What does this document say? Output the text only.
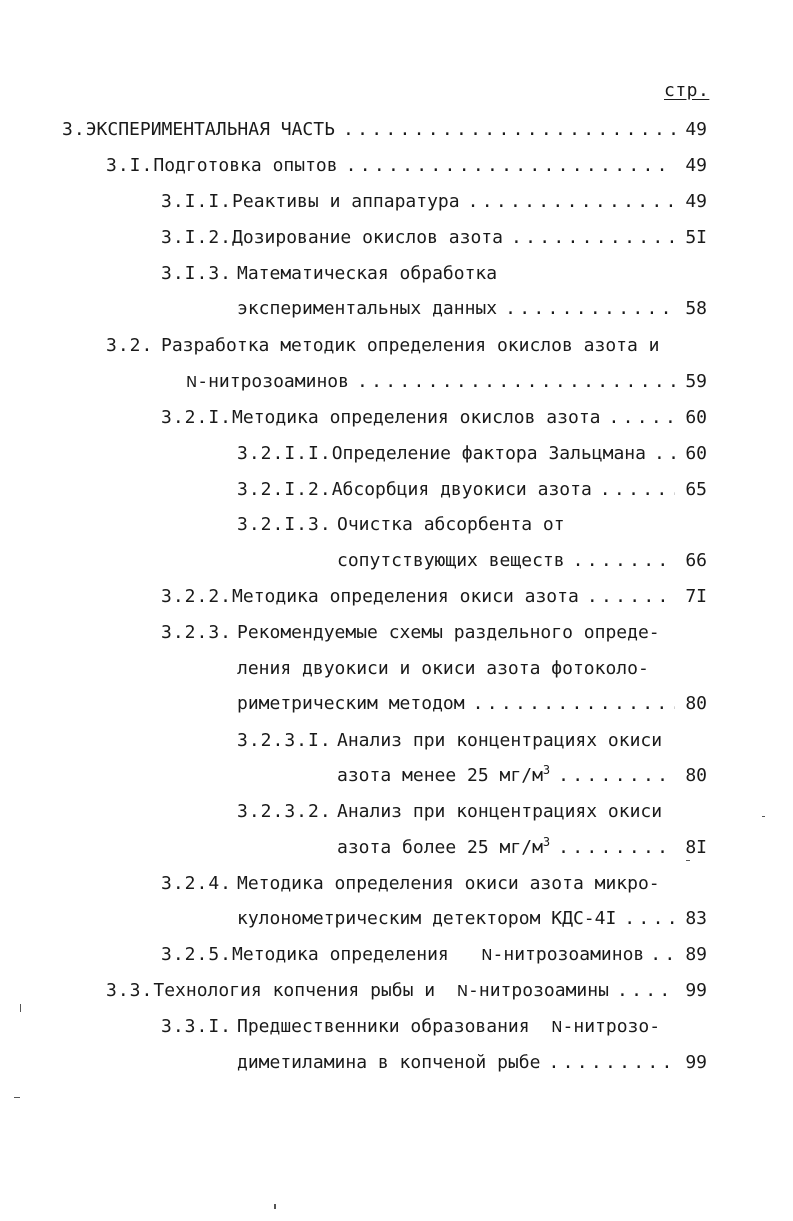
стр.
3. ЭКСПЕРИМЕНТАЛЬНАЯ ЧАСТЬ .....	49
3.I. Подготовка опытов .....	49
3.I.I. Реактивы и аппаратура .....	49
3.I.2. Дозирование окислов азота .....	5I
3.I.3. Математическая обработка
экспериментальных данных .....	58
3.2. Разработка методик определения окислов азота и
N-нитрозоаминов .....	59
3.2.I. Методика определения окислов азота .....	60
3.2.I.I. Определение фактора Зальцмана ..... 60
3.2.I.2. Абсорбция двуокиси азота .....	65
3.2.I.3. Очистка абсорбента от
сопутствующих веществ .....	66
3.2.2. Методика определения окиси азота .....	7I
3.2.3. Рекомендуемые схемы раздельного опреде-
ления двуокиси и окиси азота фотоколо-
риметрическим методом .....	80
3.2.3.I. Анализ при концентрациях окиси
азота менее 25 $мг/м^3$ .....	80
3.2.3.2. Анализ при концентрациях окиси
азота более 25 $мг/м^3$ .....	8I
3.2.4. Методика определения окиси азота микро-
кулонометрическим детектором КДС-4I .....	83
3.2.5. Методика определения N-нитрозоаминов ..... 89
3.3. Технология копчения рыбы и N-нитрозоамины .....	99
3.3.I. Предшественники образования N-нитрозо-
диметиламина в копченой рыбе .....	99
